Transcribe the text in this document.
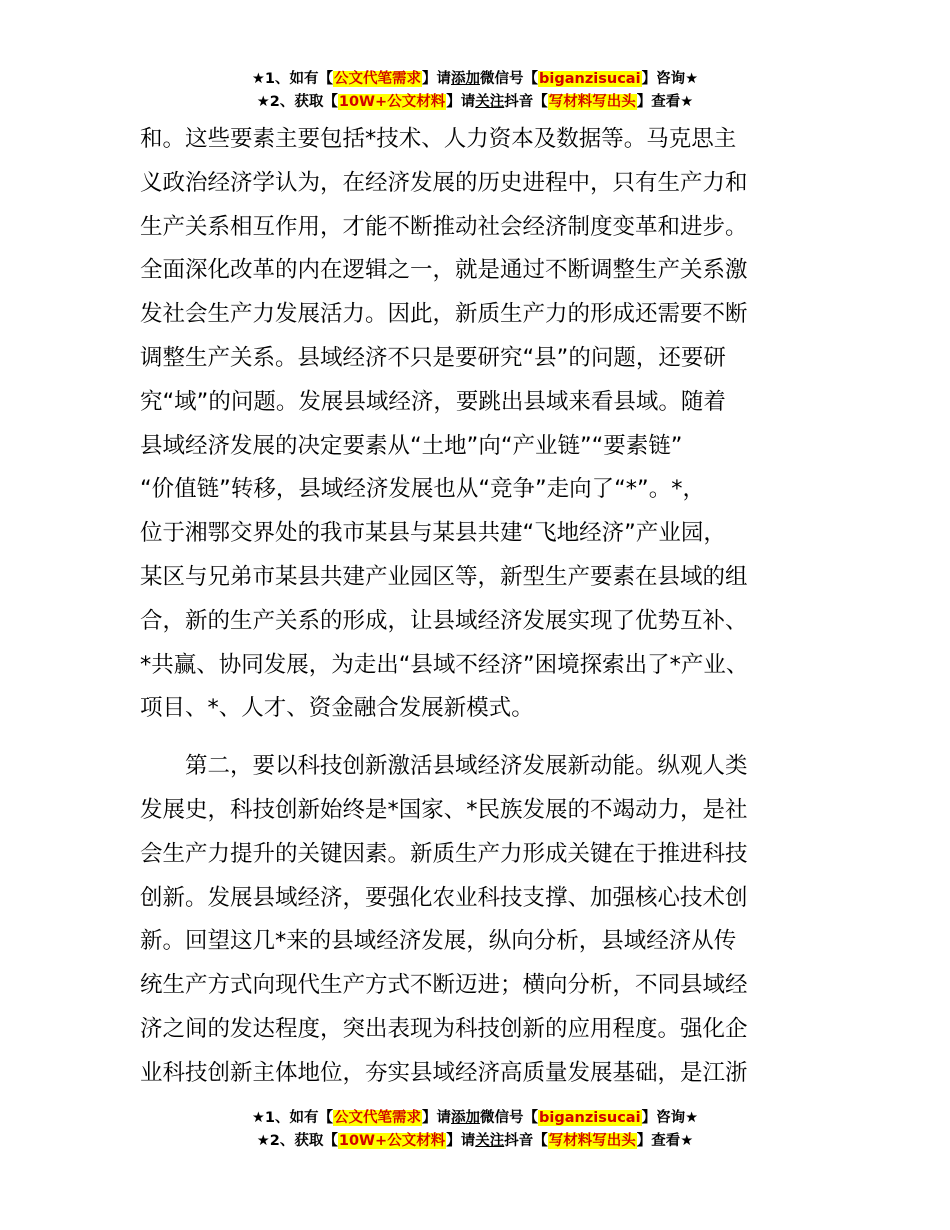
★1、如有【公文代笔需求】请添加微信号【biganzisucai】咨询★
★2、获取【10W+公文材料】请关注抖音【写材料写出头】查看★
和。这些要素主要包括*技术、人力资本及数据等。马克思主
义政治经济学认为，在经济发展的历史进程中，只有生产力和
生产关系相互作用，才能不断推动社会经济制度变革和进步。
全面深化改革的内在逻辑之一，就是通过不断调整生产关系激
发社会生产力发展活力。因此，新质生产力的形成还需要不断
调整生产关系。县域经济不只是要研究“县”的问题，还要研
究“域”的问题。发展县域经济，要跳出县域来看县域。随着
县域经济发展的决定要素从“土地”向“产业链”“要素链”
“价值链”转移，县域经济发展也从“竞争”走向了“*”。*，
位于湘鄂交界处的我市某县与某县共建“飞地经济”产业园，
某区与兄弟市某县共建产业园区等，新型生产要素在县域的组
合，新的生产关系的形成，让县域经济发展实现了优势互补、
*共赢、协同发展，为走出“县域不经济”困境探索出了*产业、
项目、*、人才、资金融合发展新模式。
　　第二，要以科技创新激活县域经济发展新动能。纵观人类
发展史，科技创新始终是*国家、*民族发展的不竭动力，是社
会生产力提升的关键因素。新质生产力形成关键在于推进科技
创新。发展县域经济，要强化农业科技支撑、加强核心技术创
新。回望这几*来的县域经济发展，纵向分析，县域经济从传
统生产方式向现代生产方式不断迈进；横向分析，不同县域经
济之间的发达程度，突出表现为科技创新的应用程度。强化企
业科技创新主体地位，夯实县域经济高质量发展基础，是江浙
★1、如有【公文代笔需求】请添加微信号【biganzisucai】咨询★
★2、获取【10W+公文材料】请关注抖音【写材料写出头】查看★
